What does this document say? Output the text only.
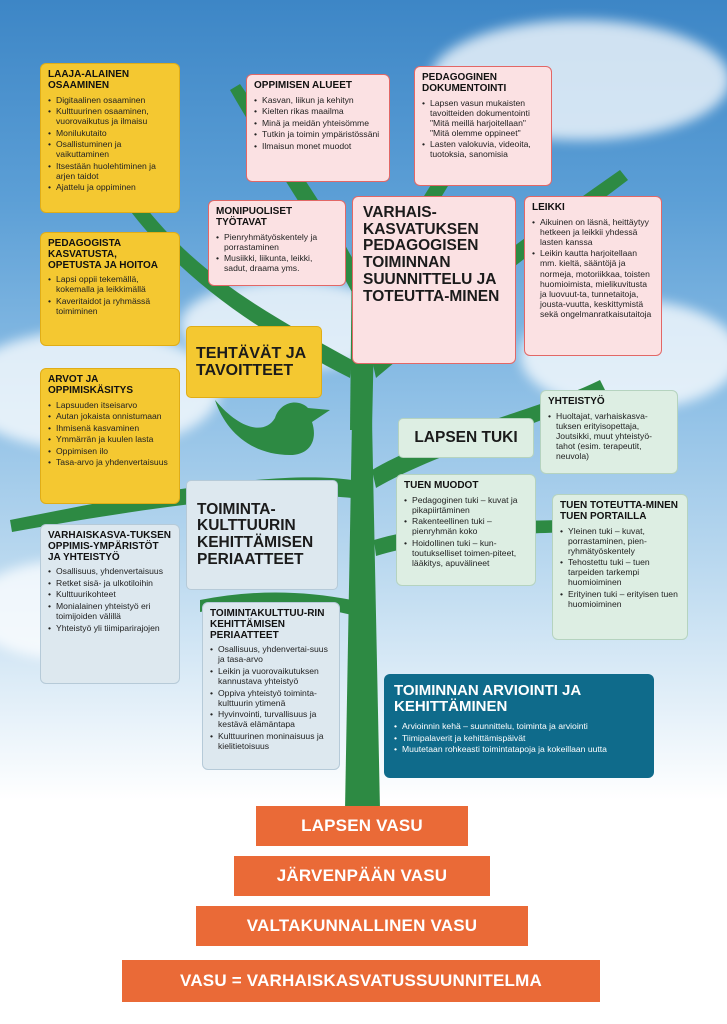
LAAJA-ALAINEN OSAAMINEN
• Digitaalinen osaaminen
• Kulttuurinen osaaminen, vuorovaikutus ja ilmaisu
• Monilukutaito
• Osallistuminen ja vaikuttaminen
• Itsestään huolehtiminen ja arjen taidot
• Ajattelu ja oppiminen
PEDAGOGISTA KASVATUSTA, OPETUSTA JA HOITOA
• Lapsi oppii tekemällä, kokemalla ja leikkimällä
• Kaveritaidot ja ryhmässä toimiminen
ARVOT JA OPPIMISKÄSITYS
• Lapsuuden itseisarvo
• Autan jokaista onnistumaan
• Ihmisenä kasvaminen
• Ymmärrän ja kuulen lasta
• Oppimisen ilo
• Tasa-arvo ja yhdenvertaisuus
TEHTÄVÄT JA TAVOITTEET
OPPIMISEN ALUEET
• Kasvan, liikun ja kehityn
• Kielten rikas maailma
• Minä ja meidän yhteisömme
• Tutkin ja toimin ympäristössäni
• Ilmaisun monet muodot
PEDAGOGINEN DOKUMENTOINTI
• Lapsen vasun mukaisten tavoitteiden dokumentointi "Mitä meillä harjoitellaan" "Mitä olemme oppineet"
• Lasten valokuvia, videoita, tuotoksia, sanomisia
MONIPUOLISET TYÖTAVAT
• Pienryhmätyöskentely ja porrastaminen
• Musiikki, liikunta, leikki, sadut, draama yms.
VARHAIS-KASVATUKSEN PEDAGOGISEN TOIMINNAN SUUNNITTELU JA TOTEUTTA-MINEN
LEIKKI
• Aikuinen on läsnä, heittäytyy hetkeen ja leikkii yhdessä lasten kanssa
• Leikin kautta harjoitellaan mm. kieltä, sääntöjä ja normeja, motoriikkaa, toisten huomioimista, mielikuvitusta ja luovuut-ta, tunnetaitoja, jousta-vuutta, keskittymistä sekä ongelmanratkaisutaitoja
YHTEISTYÖ
• Huoltajat, varhaiskasva-tuksen erityisopettaja, Joutsikki, muut yhteistyö-tahot (esim. terapeutit, neuvola)
LAPSEN TUKI
TUEN MUODOT
• Pedagoginen tuki – kuvat ja pikapiirtäminen
• Rakenteellinen tuki – pienryhmän koko
• Hoidollinen tuki – kun-toutukselliset toimen-piteet, lääkitys, apuvälineet
TUEN TOTEUTTA-MINEN TUEN PORTAILLA
• Yleinen tuki – kuvat, porrastaminen, pien-ryhmätyöskentely
• Tehostettu tuki – tuen tarpeiden tarkempi huomioiminen
• Erityinen tuki – erityisen tuen huomioiminen
VARHAISKASVA-TUKSEN OPPIMIS-YMPÄRISTÖT JA YHTEISTYÖ
• Osallisuus, yhdenvertaisuus
• Retket sisä- ja ulkotiloihin
• Kulttuurikohteet
• Monialainen yhteistyö eri toimijoiden välillä
• Yhteistyö yli tiimiparirajojen
TOIMINTA-KULTTUURIN KEHITTÄMISEN PERIAATTEET
TOIMINTAKULTTUU-RIN KEHITTÄMISEN PERIAATTEET
• Osallisuus, yhdenvertai-suus ja tasa-arvo
• Leikin ja vuorovaikutuksen kannustava yhteistyö
• Oppiva yhteistyö toiminta-kulttuurin ytimenä
• Hyvinvointi, turvallisuus ja kestävä elämäntapa
• Kulttuurinen moninaisuus ja kielitietoisuus
TOIMINNAN ARVIOINTI JA KEHITTÄMINEN
• Arvioinnin kehä – suunnittelu, toiminta ja arviointi
• Tiimipalaverit ja kehittämispäivät
• Muutetaan rohkeasti toimintatapoja ja kokeillaan uutta
LAPSEN VASU
JÄRVENPÄÄN VASU
VALTAKUNNALLINEN VASU
VASU = VARHAISKASVATUSSUUNNITELMA
